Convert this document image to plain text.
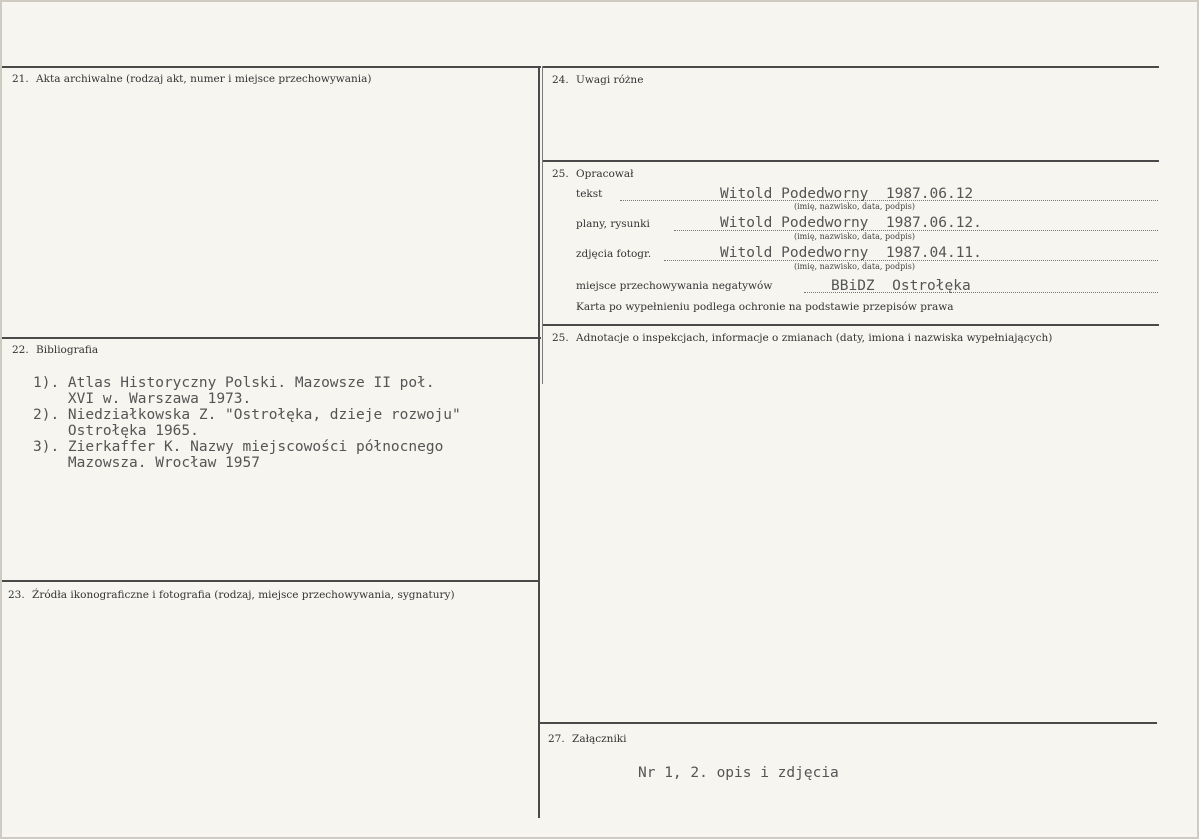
21. Akta archiwalne (rodzaj akt, numer i miejsce przechowywania)
22. Bibliografia
1). Atlas Historyczny Polski. Mazowsze II poł.
XVI w. Warszawa 1973.
2). Niedziałkowska Z. "Ostrołęka, dzieje rozwoju"
Ostrołęka 1965.
3). Zierkaffer K. Nazwy miejscowości północnego
Mazowsza. Wrocław 1957
23. Źródła ikonograficzne i fotografia (rodzaj, miejsce przechowywania, sygnatury)
24. Uwagi różne
25. Opracował
tekst	Witold Podedworny  1987.06.12
(imię, nazwisko, data, podpis)
plany, rysunki	Witold Podedworny  1987.06.12.
(imię, nazwisko, data, podpis)
zdjęcia fotogr.	Witold Podedworny  1987.04.11.
(imię, nazwisko, data, podpis)
miejsce przechowywania negatywów	BBiDZ  Ostrołęka
Karta po wypełnieniu podlega ochronie na podstawie przepisów prawa
25. Adnotacje o inspekcjach, informacje o zmianach (daty, imiona i nazwiska wypełniających)
27. Załączniki
Nr 1, 2. opis i zdjęcia
